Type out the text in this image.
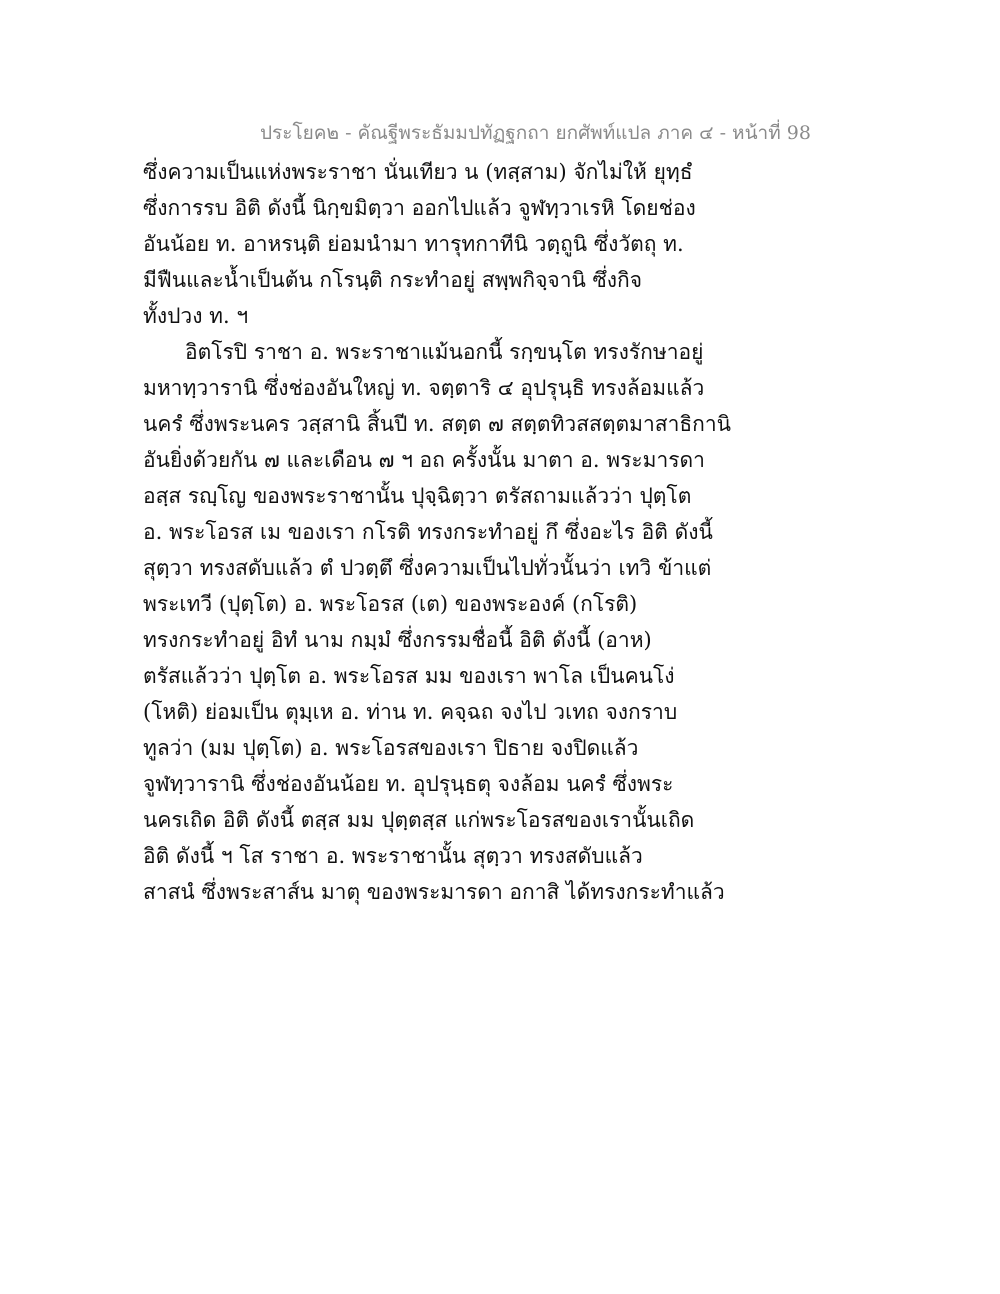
ประโยค๒ - คัณฐีพระธัมมปทัฏฐกถา ยกศัพท์แปล ภาค ๔ - หน้าที่ 98
ซึ่งความเป็นแห่งพระราชา นั่นเทียว น (ทสฺสาม) จักไม่ให้ ยุทฺธํ
ซึ่งการรบ อิติ ดังนี้ นิกฺขมิตฺวา ออกไปแล้ว จูฬทฺวาเรหิ โดยช่อง
อันน้อย ท. อาหรนฺติ ย่อมนำมา ทารุทกาทีนิ วตฺถูนิ ซึ่งวัตถุ ท.
มีฟืนและน้ำเป็นต้น กโรนฺติ กระทำอยู่ สพฺพกิจฺจานิ ซึ่งกิจ
ทั้งปวง ท. ฯ
อิตโรปิ ราชา อ. พระราชาแม้นอกนี้ รกฺขนฺโต ทรงรักษาอยู่
มหาทฺวารานิ ซึ่งช่องอันใหญ่ ท. จตฺตาริ ๔ อุปรุนฺธิ ทรงล้อมแล้ว
นครํ ซึ่งพระนคร วสฺสานิ สิ้นปี ท. สตฺต ๗ สตฺตทิวสสตฺตมาสาธิกานิ
อันยิ่งด้วยกัน ๗ และเดือน ๗ ฯ อถ ครั้งนั้น มาตา อ. พระมารดา
อสฺส รญฺโญ ของพระราชานั้น ปุจฺฉิตฺวา ตรัสถามแล้วว่า ปุตฺโต
อ. พระโอรส เม ของเรา กโรติ ทรงกระทำอยู่ กึ ซึ่งอะไร อิติ ดังนี้
สุตฺวา ทรงสดับแล้ว ตํ ปวตฺตึ ซึ่งความเป็นไปทั่วนั้นว่า เทวิ ข้าแต่
พระเทวี (ปุตฺโต) อ. พระโอรส (เต) ของพระองค์ (กโรติ)
ทรงกระทำอยู่ อิทํ นาม กมฺมํ ซึ่งกรรมชื่อนี้ อิติ ดังนี้ (อาห)
ตรัสแล้วว่า ปุตฺโต อ. พระโอรส มม ของเรา พาโล เป็นคนโง่
(โหติ) ย่อมเป็น ตุมฺเห อ. ท่าน ท. คจฺฉถ จงไป วเทถ จงกราบ
ทูลว่า (มม ปุตฺโต) อ. พระโอรสของเรา ปิธาย จงปิดแล้ว
จูฬทฺวารานิ ซึ่งช่องอันน้อย ท. อุปรุนฺธตุ จงล้อม นครํ ซึ่งพระ
นครเถิด อิติ ดังนี้ ตสฺส มม ปุตฺตสฺส แก่พระโอรสของเรานั้นเถิด
อิติ ดังนี้ ฯ โส ราชา อ. พระราชานั้น สุตฺวา ทรงสดับแล้ว
สาสนํ ซึ่งพระสาส์น มาตุ ของพระมารดา อกาสิ ได้ทรงกระทำแล้ว
